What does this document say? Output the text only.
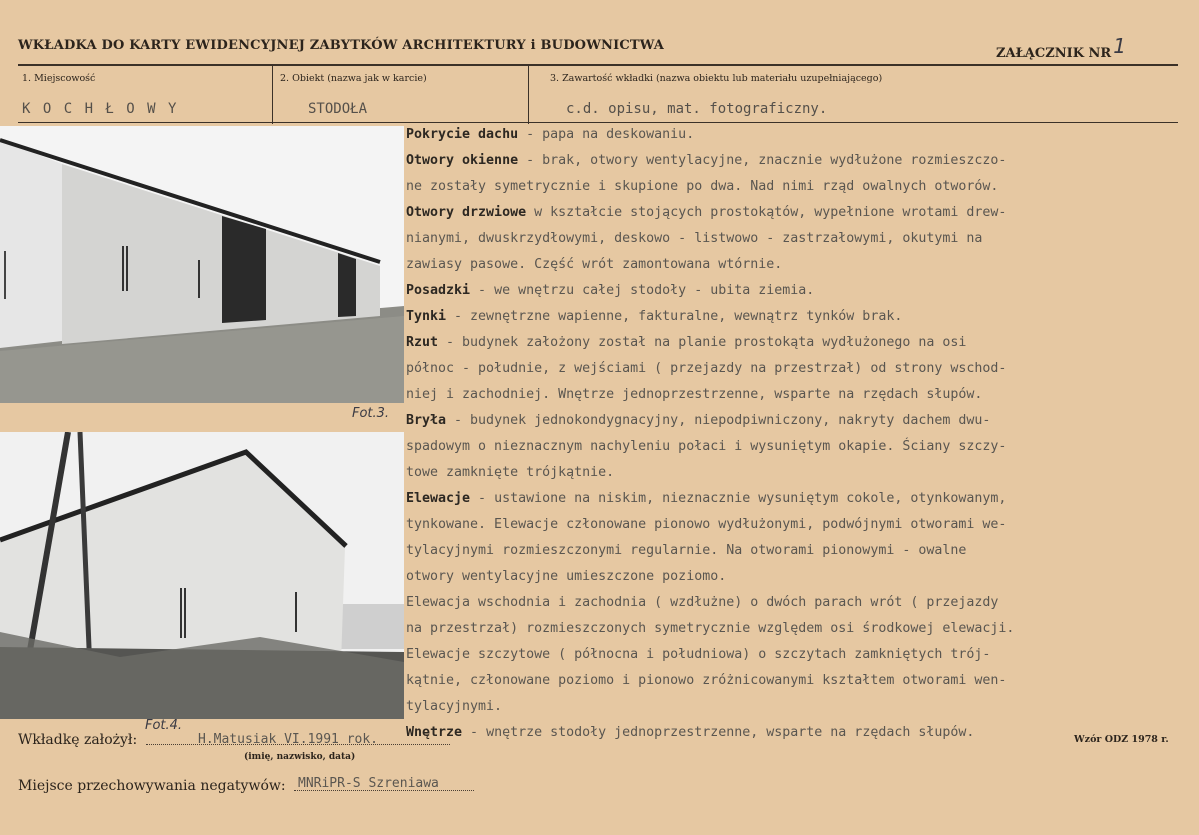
WKŁADKA DO KARTY EWIDENCYJNEJ ZABYTKÓW ARCHITEKTURY i BUDOWNICTWA
ZAŁĄCZNIK NR 1
1. Miejscowość	2. Obiekt (nazwa jak w karcie)	3. Zawartość wkładki (nazwa obiektu lub materiału uzupełniającego)
K O C H Ł O W Y	STODOŁA	c.d. opisu, mat. fotograficzny.
Fot.3.
Fot.4.
Pokrycie dachu - papa na deskowaniu.
Otwory okienne - brak, otwory wentylacyjne, znacznie wydłużone rozmieszczo-
ne zostały symetrycznie i skupione po dwa. Nad nimi rząd owalnych otworów.
Otwory drzwiowe w kształcie stojących prostokątów, wypełnione wrotami drew-
nianymi, dwuskrzydłowymi, deskowo - listwowo - zastrzałowymi, okutymi na
zawiasy pasowe. Część wrót zamontowana wtórnie.
Posadzki - we wnętrzu całej stodoły - ubita ziemia.
Tynki - zewnętrzne wapienne, fakturalne, wewnątrz tynków brak.
Rzut - budynek założony został na planie prostokąta wydłużonego na osi
północ - południe, z wejściami ( przejazdy na przestrzał) od strony wschod-
niej i zachodniej. Wnętrze jednoprzestrzenne, wsparte na rzędach słupów.
Bryła - budynek jednokondygnacyjny, niepodpiwniczony, nakryty dachem dwu-
spadowym o nieznacznym nachyleniu połaci i wysuniętym okapie. Ściany szczy-
towe zamknięte trójkątnie.
Elewacje - ustawione na niskim, nieznacznie wysuniętym cokole, otynkowanym,
tynkowane. Elewacje członowane pionowo wydłużonymi, podwójnymi otworami we-
tylacyjnymi rozmieszczonymi regularnie. Na otworami pionowymi - owalne
otwory wentylacyjne umieszczone poziomo.
Elewacja wschodnia i zachodnia ( wzdłużne) o dwóch parach wrót ( przejazdy
na przestrzał) rozmieszczonych symetrycznie względem osi środkowej elewacji.
Elewacje szczytowe ( północna i południowa) o szczytach zamkniętych trój-
kątnie, członowane poziomo i pionowo zróżnicowanymi kształtem otworami wen-
tylacyjnymi.
Wnętrze - wnętrze stodoły jednoprzestrzenne, wsparte na rzędach słupów.
Wkładkę założył:	H.Matusiak VI.1991 rok.
(imię, nazwisko, data)
Wzór ODZ 1978 r.
Miejsce przechowywania negatywów: MNRiPR-S Szreniawa
